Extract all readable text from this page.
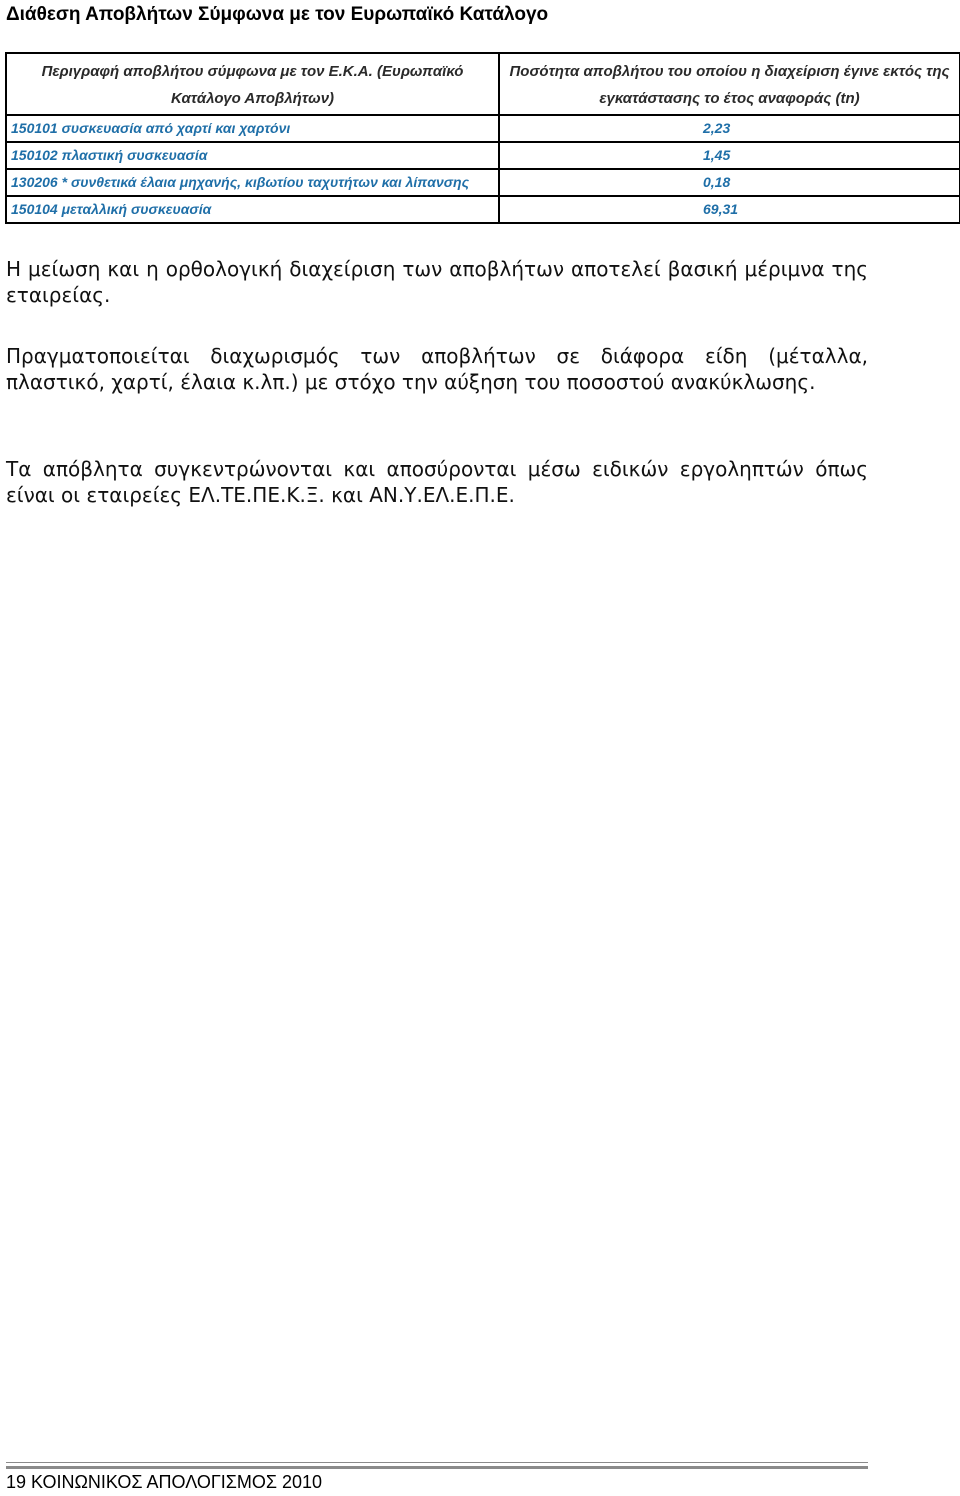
Διάθεση Αποβλήτων Σύμφωνα με τον Ευρωπαϊκό Κατάλογο
Περιγραφή αποβλήτου σύμφωνα με τον Ε.Κ.Α. (Ευρωπαϊκό Κατάλογο Αποβλήτων)	Ποσότητα αποβλήτου του οποίου η διαχείριση έγινε εκτός της εγκατάστασης το έτος αναφοράς (tn)
150101 συσκευασία από χαρτί και χαρτόνι	2,23
150102 πλαστική συσκευασία	1,45
130206 * συνθετικά έλαια μηχανής, κιβωτίου ταχυτήτων και λίπανσης	0,18
150104 μεταλλική συσκευασία	69,31

Η μείωση και η ορθολογική διαχείριση των αποβλήτων αποτελεί βασική μέριμνα της εταιρείας.

Πραγματοποιείται διαχωρισμός των αποβλήτων σε διάφορα είδη (μέταλλα, πλαστικό, χαρτί, έλαια κ.λπ.) με στόχο την αύξηση του ποσοστού ανακύκλωσης.

Τα απόβλητα συγκεντρώνονται και αποσύρονται μέσω ειδικών εργοληπτών όπως είναι οι εταιρείες ΕΛ.ΤΕ.ΠΕ.Κ.Ξ. και ΑΝ.Υ.ΕΛ.Ε.Π.Ε.

19 ΚΟΙΝΩΝΙΚΟΣ ΑΠΟΛΟΓΙΣΜΟΣ 2010
